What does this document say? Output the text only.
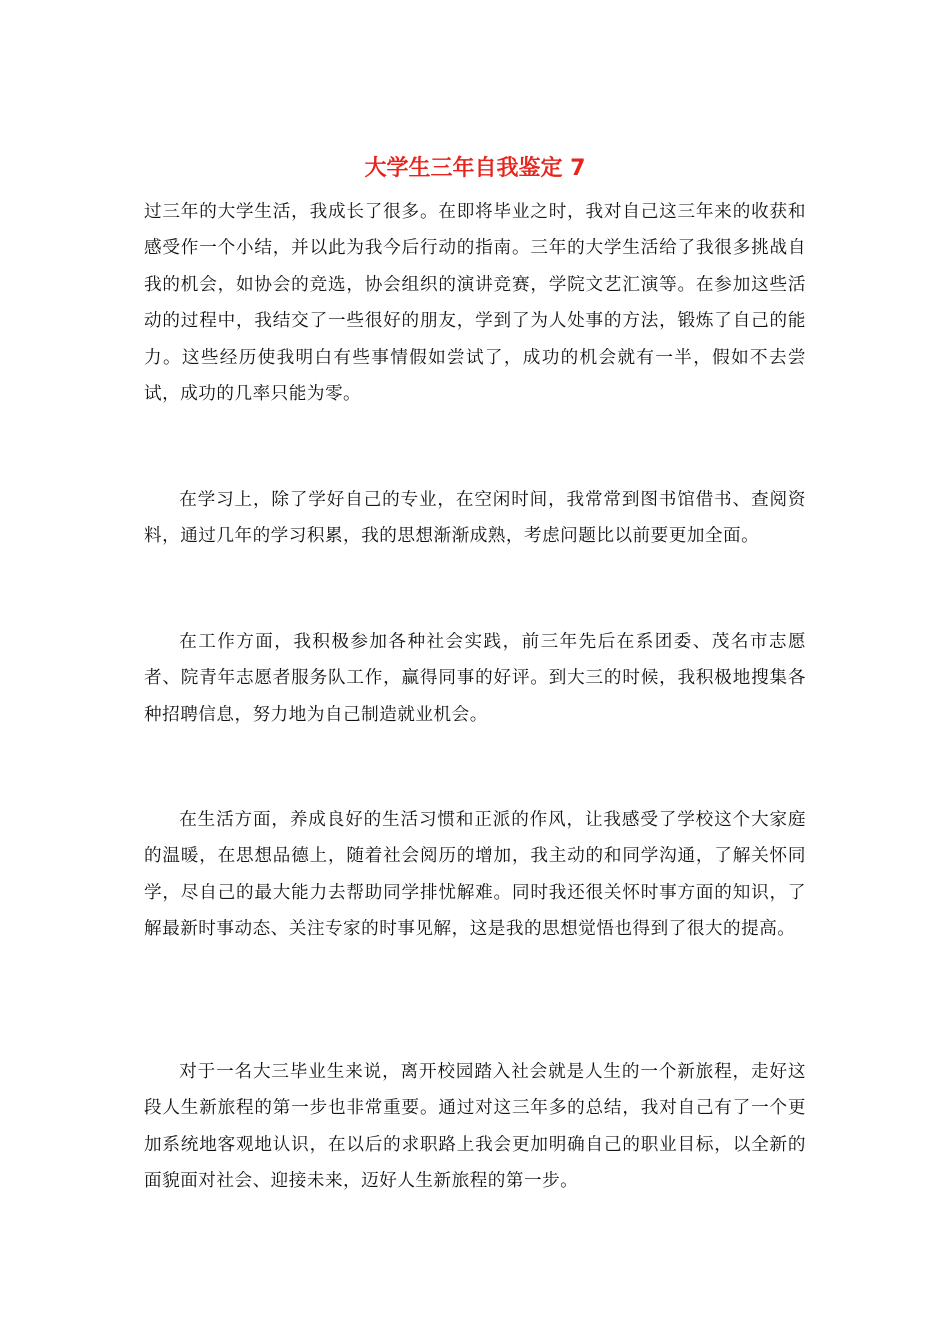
大学生三年自我鉴定 7

过三年的大学生活，我成长了很多。在即将毕业之时，我对自己这三年来的收获和感受作一个小结，并以此为我今后行动的指南。三年的大学生活给了我很多挑战自我的机会，如协会的竞选，协会组织的演讲竞赛，学院文艺汇演等。在参加这些活动的过程中，我结交了一些很好的朋友，学到了为人处事的方法，锻炼了自己的能力。这些经历使我明白有些事情假如尝试了，成功的机会就有一半，假如不去尝试，成功的几率只能为零。

在学习上，除了学好自己的专业，在空闲时间，我常常到图书馆借书、查阅资料，通过几年的学习积累，我的思想渐渐成熟，考虑问题比以前要更加全面。

在工作方面，我积极参加各种社会实践，前三年先后在系团委、茂名市志愿者、院青年志愿者服务队工作，赢得同事的好评。到大三的时候，我积极地搜集各种招聘信息，努力地为自己制造就业机会。

在生活方面，养成良好的生活习惯和正派的作风，让我感受了学校这个大家庭的温暖，在思想品德上，随着社会阅历的增加，我主动的和同学沟通，了解关怀同学，尽自己的最大能力去帮助同学排忧解难。同时我还很关怀时事方面的知识，了解最新时事动态、关注专家的时事见解，这是我的思想觉悟也得到了很大的提高。

对于一名大三毕业生来说，离开校园踏入社会就是人生的一个新旅程，走好这段人生新旅程的第一步也非常重要。通过对这三年多的总结，我对自己有了一个更加系统地客观地认识，在以后的求职路上我会更加明确自己的职业目标，以全新的面貌面对社会、迎接未来，迈好人生新旅程的第一步。
